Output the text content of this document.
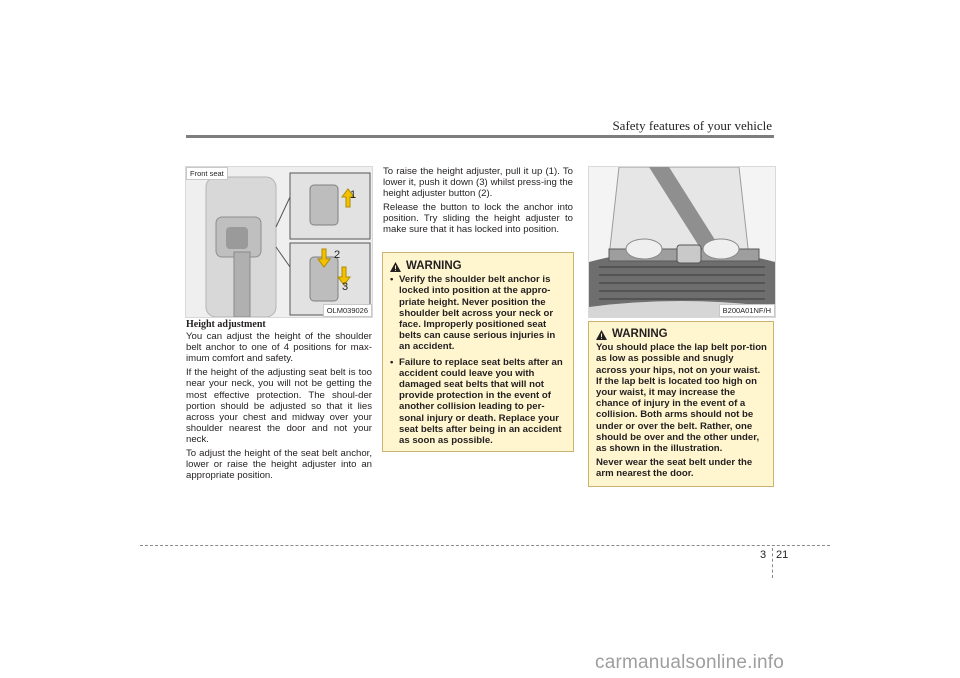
Safety features of your vehicle
Front seat
1
2
3
OLM039026
Height adjustment

You can adjust the height of the shoulder belt anchor to one of 4 positions for max-imum comfort and safety.

If the height of the adjusting seat belt is too near your neck, you will not be getting the most effective protection. The shoul-der portion should be adjusted so that it lies across your chest and midway over your shoulder nearest the door and not your neck.

To adjust the height of the seat belt anchor, lower or raise the height adjuster into an appropriate position.

To raise the height adjuster, pull it up (1). To lower it, push it down (3) whilst press-ing the height adjuster button (2).

Release the button to lock the anchor into position. Try sliding the height adjuster to make sure that it has locked into position.

WARNING
• Verify the shoulder belt anchor is locked into position at the appro-priate height. Never position the shoulder belt across your neck or face. Improperly positioned seat belts can cause serious injuries in an accident.
• Failure to replace seat belts after an accident could leave you with damaged seat belts that will not provide protection in the event of another collision leading to per-sonal injury or death. Replace your seat belts after being in an accident as soon as possible.
B200A01NF/H
WARNING

You should place the lap belt por-tion as low as possible and snugly across your hips, not on your waist. If the lap belt is located too high on your waist, it may increase the chance of injury in the event of a collision. Both arms should not be under or over the belt. Rather, one should be over and the other under, as shown in the illustration.

Never wear the seat belt under the arm nearest the door.

3 21
carmanualsonline.info
